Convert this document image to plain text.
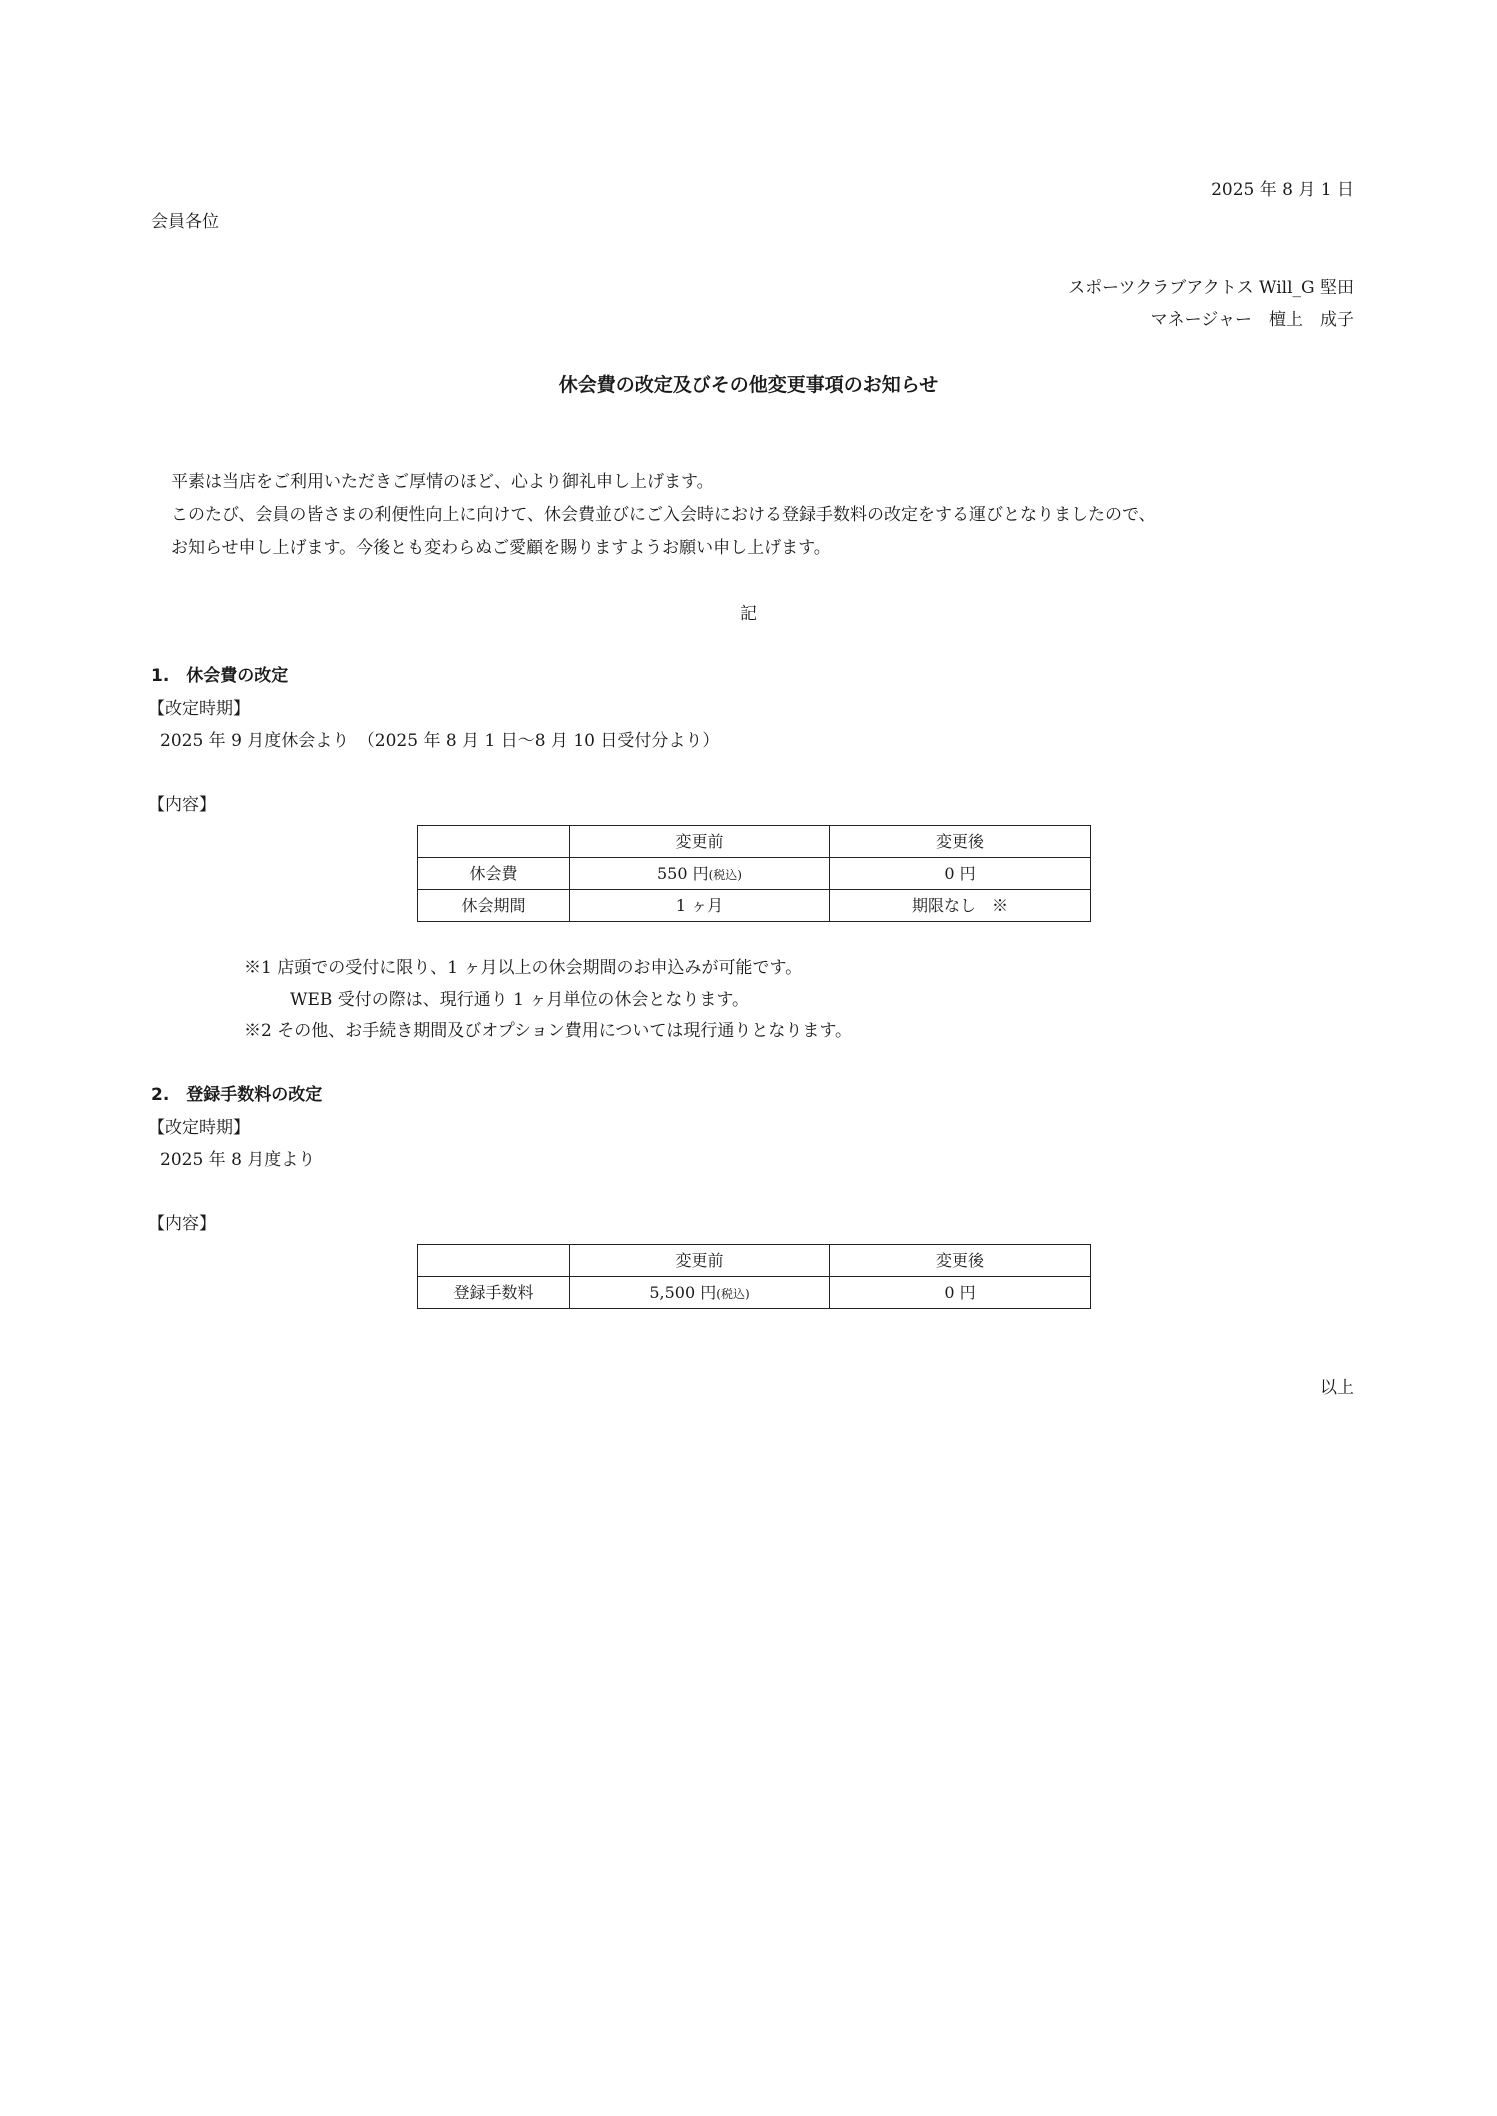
2025 年 8 月 1 日
会員各位
スポーツクラブアクトス Will_G 堅田
マネージャー　檀上　成子
休会費の改定及びその他変更事項のお知らせ
平素は当店をご利用いただきご厚情のほど、心より御礼申し上げます。
このたび、会員の皆さまの利便性向上に向けて、休会費並びにご入会時における登録手数料の改定をする運びとなりましたので、
お知らせ申し上げます。今後とも変わらぬご愛顧を賜りますようお願い申し上げます。
記
1.　休会費の改定
【改定時期】
2025 年 9 月度休会より　（2025 年 8 月 1 日～8 月 10 日受付分より）
【内容】
	変更前	変更後
休会費	550 円(税込)	0 円
休会期間	1 ヶ月	期限なし　※
※1 店頭での受付に限り、1 ヶ月以上の休会期間のお申込みが可能です。
WEB 受付の際は、現行通り 1 ヶ月単位の休会となります。
※2 その他、お手続き期間及びオプション費用については現行通りとなります。
2.　登録手数料の改定
【改定時期】
2025 年 8 月度より
【内容】
	変更前	変更後
登録手数料	5,500 円(税込)	0 円
以上
